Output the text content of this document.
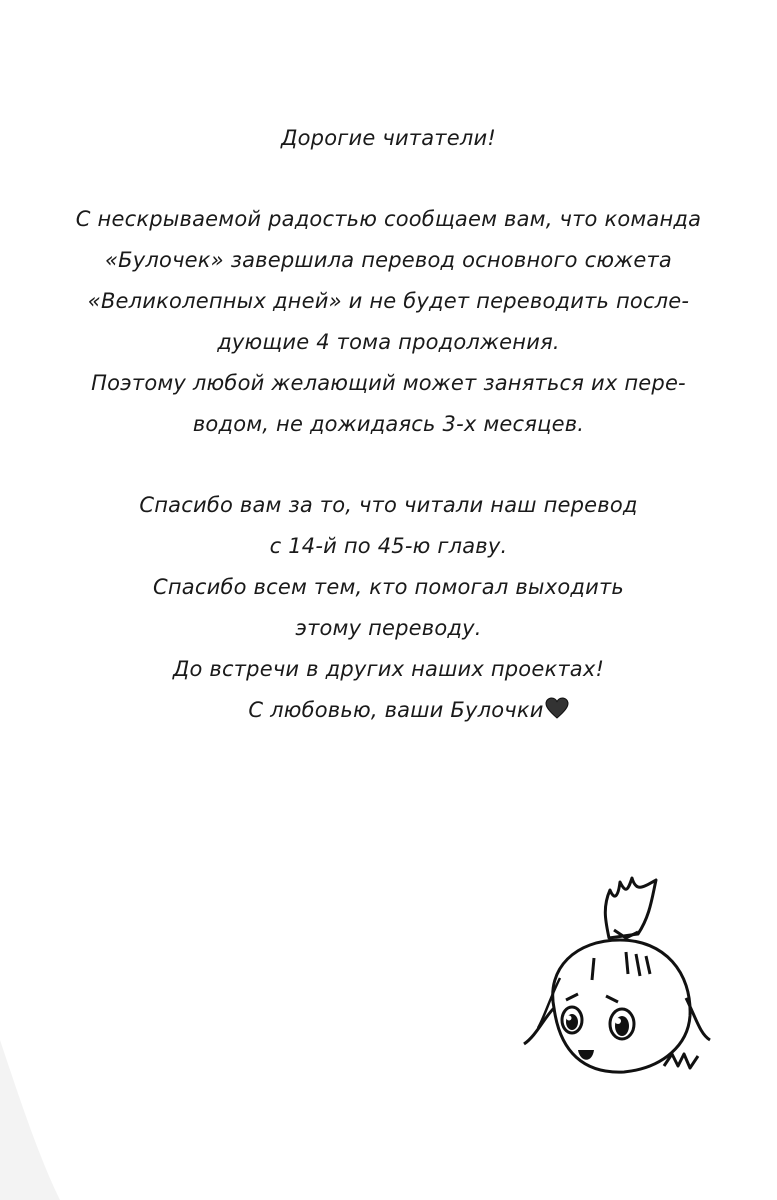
Дорогие читатели!
С нескрываемой радостью сообщаем вам, что команда
«Булочек» завершила перевод основного сюжета
«Великолепных дней» и не будет переводить после-
дующие 4 тома продолжения.
Поэтому любой желающий может заняться их пере-
водом, не дожидаясь 3-х месяцев.
Спасибо вам за то, что читали наш перевод
с 14-й по 45-ю главу.
Спасибо всем тем, кто помогал выходить
этому переводу.
До встречи в других наших проектах!
С любовью, ваши Булочки
